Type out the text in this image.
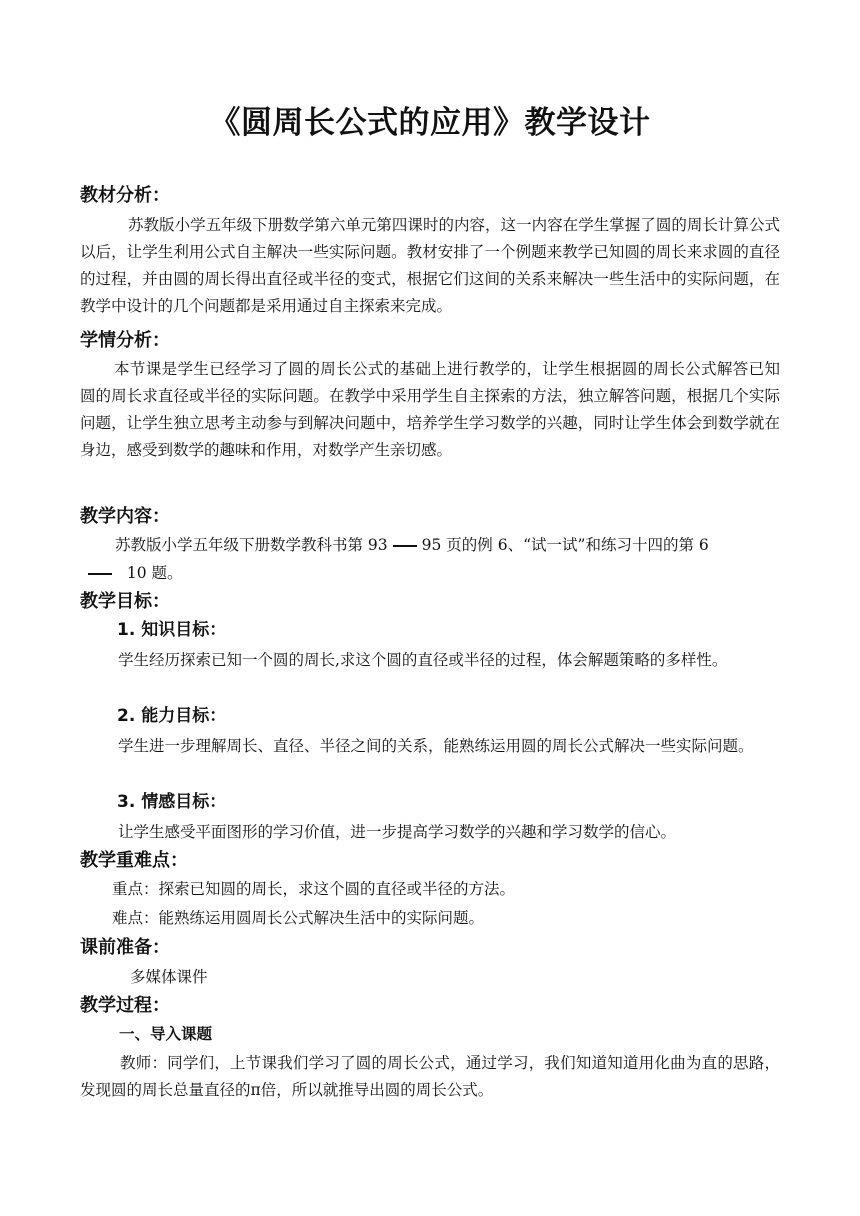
《圆周长公式的应用》教学设计
教材分析：

苏教版小学五年级下册数学第六单元第四课时的内容，这一内容在学生掌握了圆的周长计算公式以后，让学生利用公式自主解决一些实际问题。教材安排了一个例题来教学已知圆的周长来求圆的直径的过程，并由圆的周长得出直径或半径的变式，根据它们这间的关系来解决一些生活中的实际问题，在教学中设计的几个问题都是采用通过自主探索来完成。

学情分析：

本节课是学生已经学习了圆的周长公式的基础上进行教学的，让学生根据圆的周长公式解答已知圆的周长求直径或半径的实际问题。在教学中采用学生自主探索的方法，独立解答问题，根据几个实际问题，让学生独立思考主动参与到解决问题中，培养学生学习数学的兴趣，同时让学生体会到数学就在身边，感受到数学的趣味和作用，对数学产生亲切感。

教学内容：
苏教版小学五年级下册数学教科书第 93 95 页的例 6、“试一试”和练习十四的第 6
10 题。
教学目标：
1. 知识目标：

学生经历探索已知一个圆的周长,求这个圆的直径或半径的过程，体会解题策略的多样性。

2. 能力目标：

学生进一步理解周长、直径、半径之间的关系，能熟练运用圆的周长公式解决一些实际问题。

3. 情感目标：
让学生感受平面图形的学习价值，进一步提高学习数学的兴趣和学习数学的信心。
教学重难点：
重点：探索已知圆的周长，求这个圆的直径或半径的方法。
难点：能熟练运用圆周长公式解决生活中的实际问题。
课前准备：
多媒体课件
教学过程：
一、导入课题

教师：同学们，上节课我们学习了圆的周长公式，通过学习，我们知道知道用化曲为直的思路，发现圆的周长总量直径的π倍，所以就推导出圆的周长公式。
